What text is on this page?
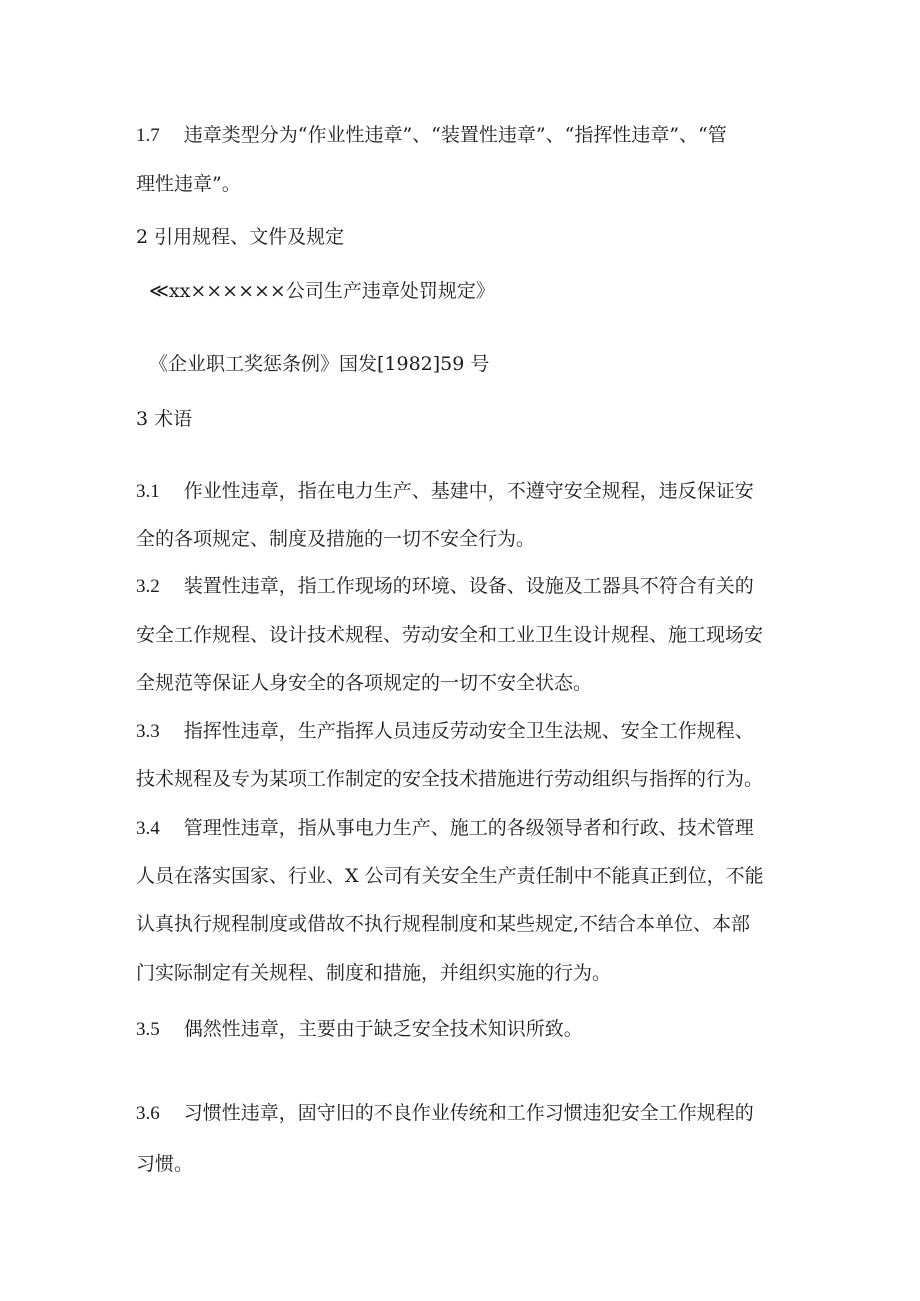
1.7 违章类型分为“作业性违章”、“装置性违章”、“指挥性违章”、“管
理性违章”。
2 引用规程、文件及规定
≪xx××××××公司生产违章处罚规定》
《企业职工奖惩条例》国发[1982]59 号
3 术语
3.1 作业性违章，指在电力生产、基建中，不遵守安全规程，违反保证安
全的各项规定、制度及措施的一切不安全行为。
3.2 装置性违章，指工作现场的环境、设备、设施及工器具不符合有关的
安全工作规程、设计技术规程、劳动安全和工业卫生设计规程、施工现场安
全规范等保证人身安全的各项规定的一切不安全状态。
3.3 指挥性违章，生产指挥人员违反劳动安全卫生法规、安全工作规程、
技术规程及专为某项工作制定的安全技术措施进行劳动组织与指挥的行为。
3.4 管理性违章，指从事电力生产、施工的各级领导者和行政、技术管理
人员在落实国家、行业、X 公司有关安全生产责任制中不能真正到位，不能
认真执行规程制度或借故不执行规程制度和某些规定,不结合本单位、本部
门实际制定有关规程、制度和措施，并组织实施的行为。
3.5 偶然性违章，主要由于缺乏安全技术知识所致。
3.6 习惯性违章，固守旧的不良作业传统和工作习惯违犯安全工作规程的
习惯。
